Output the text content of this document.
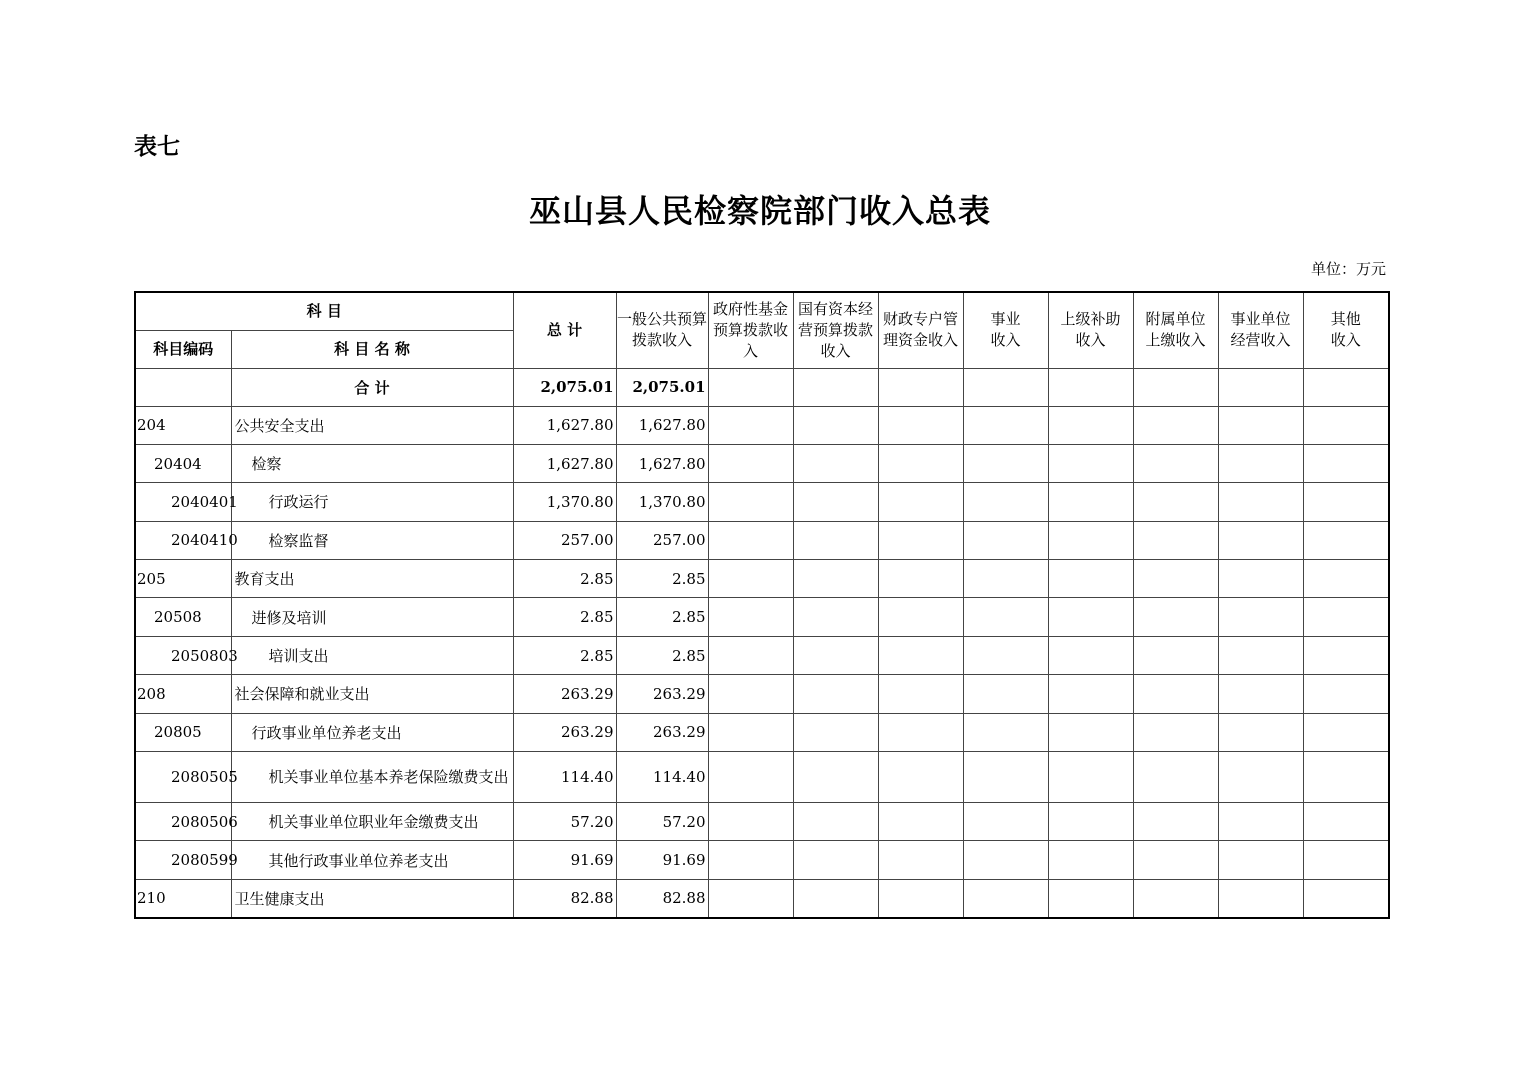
表七
巫山县人民检察院部门收入总表
单位：万元
科 目		总 计	一般公共预算拨款收入	政府性基金预算拨款收入	国有资本经营预算拨款收入	财政专户管理资金收入	事业收入	上级补助收入	附属单位上缴收入	事业单位经营收入	其他收入
科目编码	科 目 名 称										
	合 计	2,075.01	2,075.01								
204	公共安全支出	1,627.80	1,627.80								
20404	检察	1,627.80	1,627.80								
2040401	行政运行	1,370.80	1,370.80								
2040410	检察监督	257.00	257.00								
205	教育支出	2.85	2.85								
20508	进修及培训	2.85	2.85								
2050803	培训支出	2.85	2.85								
208	社会保障和就业支出	263.29	263.29								
20805	行政事业单位养老支出	263.29	263.29								
2080505	机关事业单位基本养老保险缴费支出	114.40	114.40								
2080506	机关事业单位职业年金缴费支出	57.20	57.20								
2080599	其他行政事业单位养老支出	91.69	91.69								
210	卫生健康支出	82.88	82.88								
